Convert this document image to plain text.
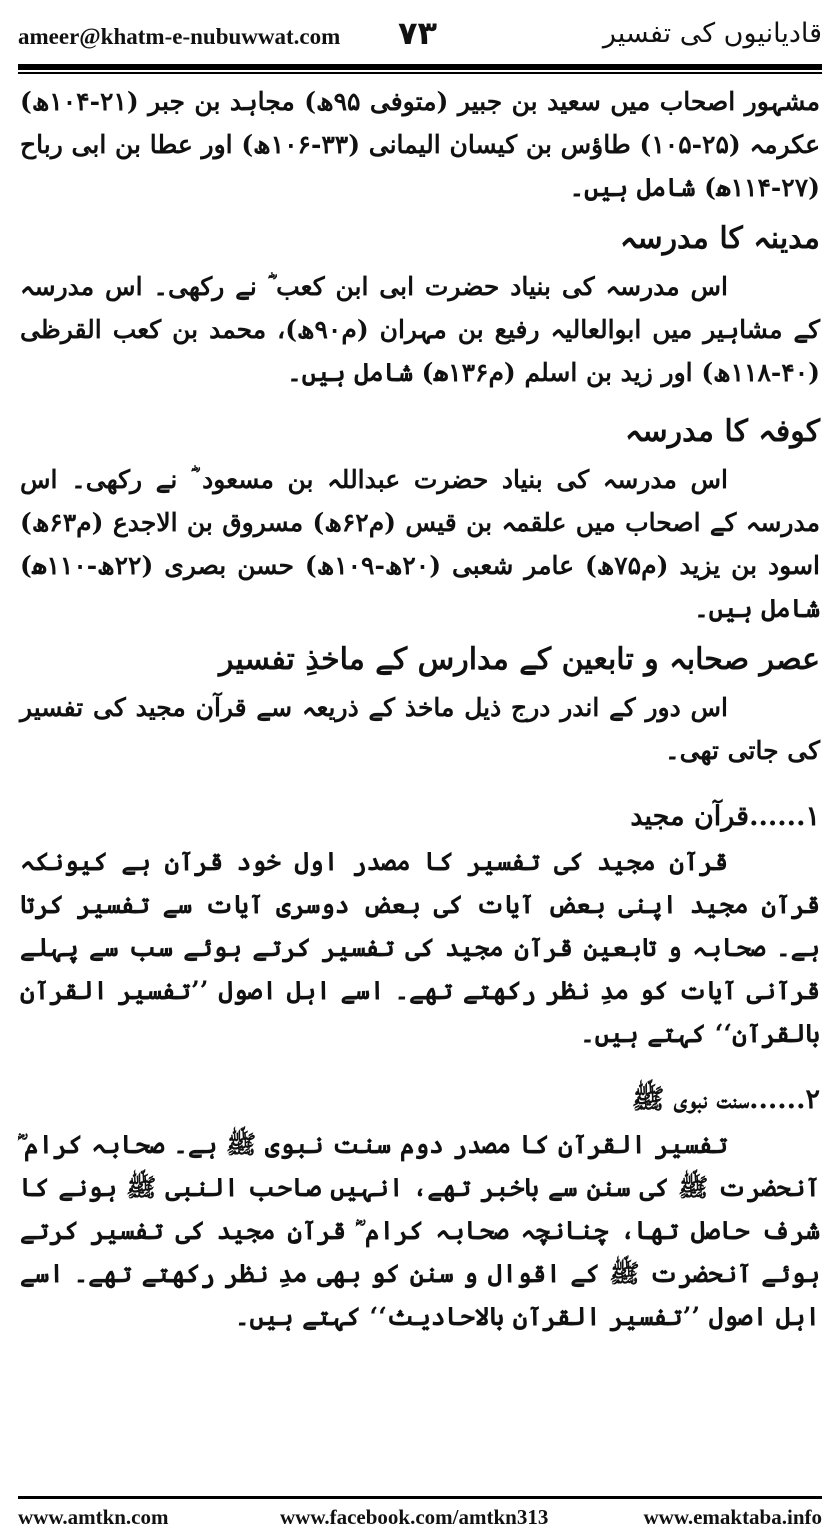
ameer@khatm-e-nubuwwat.com ۷۳	قادیانیوں کی تفسیر

مشہور اصحاب میں سعید بن جبیر (متوفی ۹۵ھ) مجاہد بن جبر (۲۱-۱۰۴ھ) عکرمہ (۲۵-۱۰۵) طاؤس بن کیسان الیمانی (۳۳-۱۰۶ھ) اور عطا بن ابی رباح (۲۷-۱۱۴ھ) شامل ہیں۔

مدینہ کا مدرسہ

اس مدرسہ کی بنیاد حضرت ابی ابن کعب ؓ نے رکھی۔ اس مدرسہ کے مشاہیر میں ابوالعالیہ رفیع بن مہران (م۹۰ھ)، محمد بن کعب القرظی (۴۰-۱۱۸ھ) اور زید بن اسلم (م۱۳۶ھ) شامل ہیں۔

کوفہ کا مدرسہ

اس مدرسہ کی بنیاد حضرت عبداللہ بن مسعود ؓ نے رکھی۔ اس مدرسہ کے اصحاب میں علقمہ بن قیس (م۶۲ھ) مسروق بن الاجدع (م۶۳ھ) اسود بن یزید (م۷۵ھ) عامر شعبی (۲۰ھ-۱۰۹ھ) حسن بصری (۲۲ھ-۱۱۰ھ) شامل ہیں۔

عصر صحابہ و تابعین کے مدارس کے ماخذِ تفسیر

اس دور کے اندر درج ذیل ماخذ کے ذریعہ سے قرآن مجید کی تفسیر کی جاتی تھی۔

۱......قرآن مجید

قرآن مجید کی تفسیر کا مصدر اول خود قرآن ہے کیونکہ قرآن مجید اپنی بعض آیات کی بعض دوسری آیات سے تفسیر کرتا ہے۔ صحابہ و تابعین قرآن مجید کی تفسیر کرتے ہوئے سب سے پہلے قرآنی آیات کو مدِ نظر رکھتے تھے۔ اسے اہل اصول ’’تفسیر القرآن بالقرآن‘‘ کہتے ہیں۔

۲......سنت نبوی ﷺ

تفسیر القرآن کا مصدر دوم سنت نبوی ﷺ ہے۔ صحابہ کرام ؓ آنحضرت ﷺ کی سنن سے باخبر تھے، انہیں صاحب النبی ﷺ ہونے کا شرف حاصل تھا، چنانچہ صحابہ کرام ؓ قرآنِ مجید کی تفسیر کرتے ہوئے آنحضرت ﷺ کے اقوال و سنن کو بھی مدِ نظر رکھتے تھے۔ اسے اہل اصول ’’تفسیر القرآن بالاحادیث‘‘ کہتے ہیں۔

www.amtkn.com	www.facebook.com/amtkn313	www.emaktaba.info
